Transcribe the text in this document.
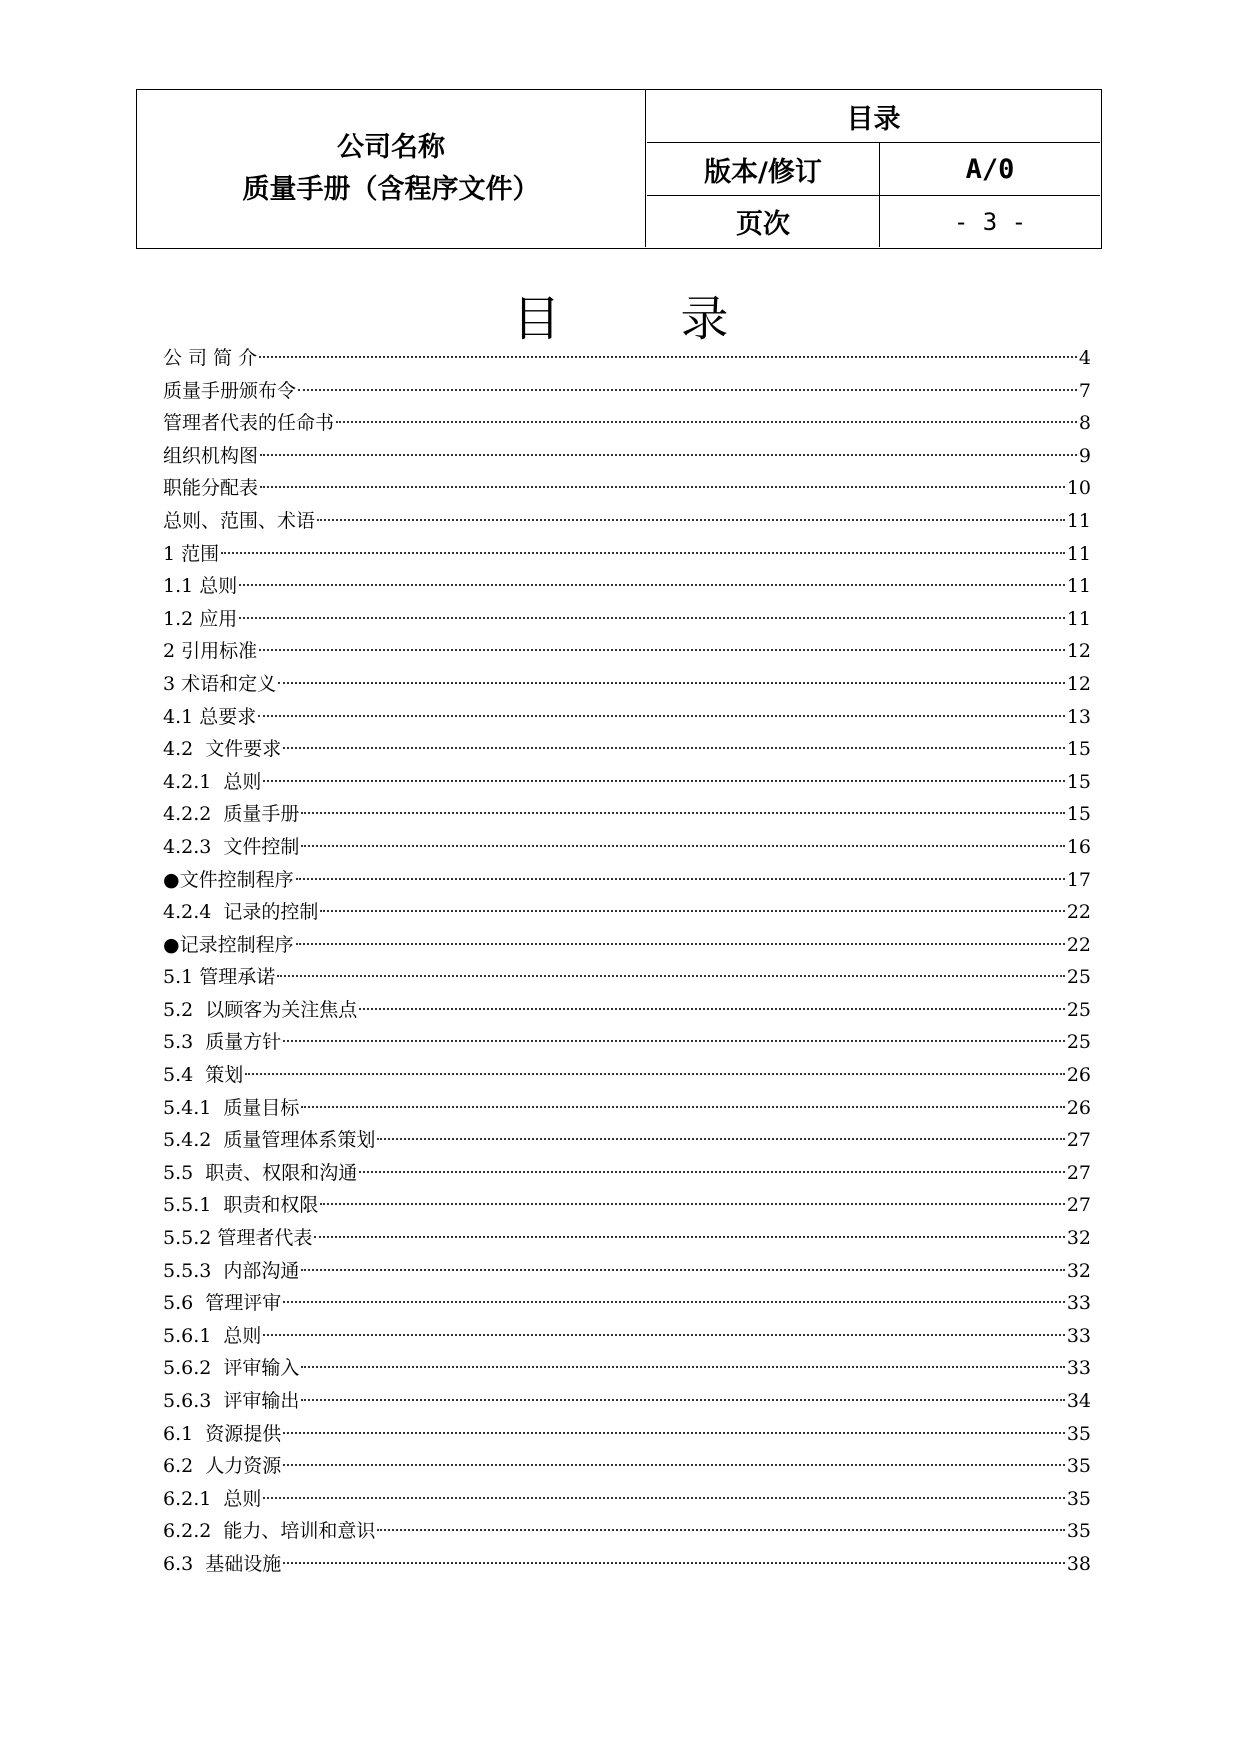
公司名称
质量手册（含程序文件）
目录
版本/修订	A/0
页次	- 3 -
目录
公 司 简 介	4
质量手册颁布令	7
管理者代表的任命书	8
组织机构图	9
职能分配表	10
总则、范围、术语	11
1 范围	11
1.1 总则	11
1.2 应用	11
2 引用标准	12
3 术语和定义	12
4.1 总要求	13
4.2  文件要求	15
4.2.1  总则	15
4.2.2  质量手册	15
4.2.3  文件控制	16
●文件控制程序	17
4.2.4  记录的控制	22
●记录控制程序	22
5.1 管理承诺	25
5.2  以顾客为关注焦点	25
5.3  质量方针	25
5.4  策划	26
5.4.1  质量目标	26
5.4.2  质量管理体系策划	27
5.5  职责、权限和沟通	27
5.5.1  职责和权限	27
5.5.2 管理者代表	32
5.5.3  内部沟通	32
5.6  管理评审	33
5.6.1  总则	33
5.6.2  评审输入	33
5.6.3  评审输出	34
6.1  资源提供	35
6.2  人力资源	35
6.2.1  总则	35
6.2.2  能力、培训和意识	35
6.3  基础设施	38
